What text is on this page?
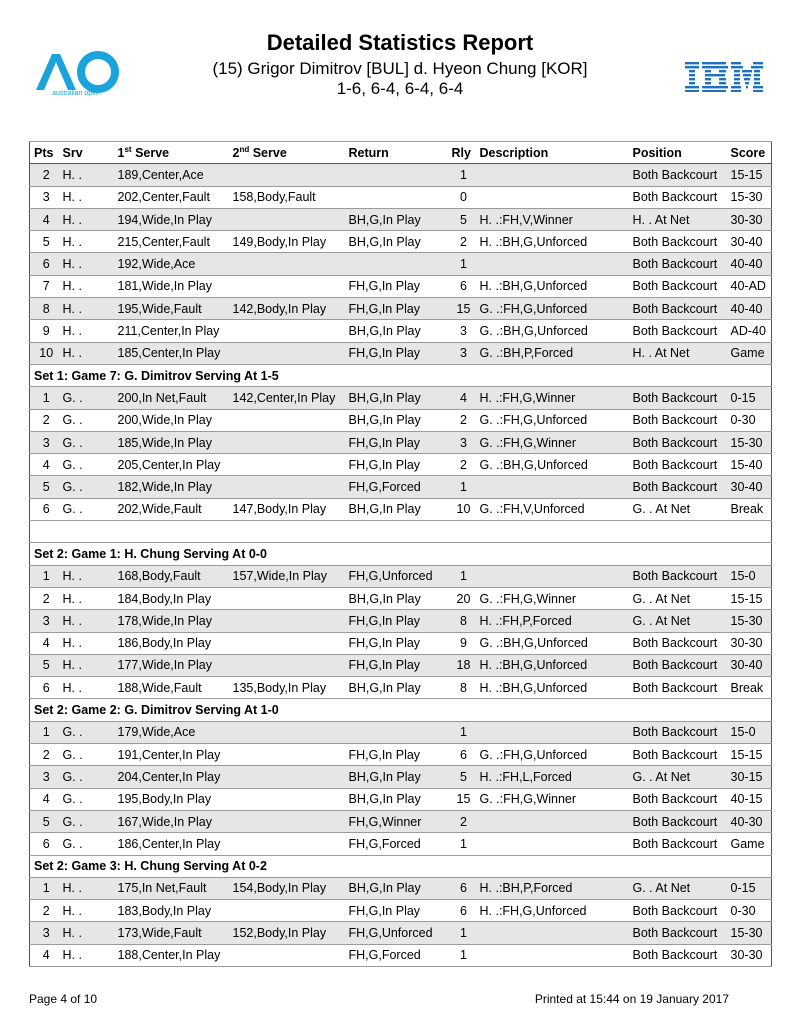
australian open
Detailed Statistics Report
(15) Grigor Dimitrov [BUL] d. Hyeon Chung [KOR]
1-6, 6-4, 6-4, 6-4
Pts	Srv	1st Serve	2nd Serve	Return	Rly	Description	Position	Score
2	H. .	189,Center,Ace			1		Both Backcourt	15-15
3	H. .	202,Center,Fault	158,Body,Fault		0		Both Backcourt	15-30
4	H. .	194,Wide,In Play		BH,G,In Play	5	H. .:FH,V,Winner	H. . At Net	30-30
5	H. .	215,Center,Fault	149,Body,In Play	BH,G,In Play	2	H. .:BH,G,Unforced	Both Backcourt	30-40
6	H. .	192,Wide,Ace			1		Both Backcourt	40-40
7	H. .	181,Wide,In Play		FH,G,In Play	6	H. .:BH,G,Unforced	Both Backcourt	40-AD
8	H. .	195,Wide,Fault	142,Body,In Play	FH,G,In Play	15	G. .:FH,G,Unforced	Both Backcourt	40-40
9	H. .	211,Center,In Play		BH,G,In Play	3	G. .:BH,G,Unforced	Both Backcourt	AD-40
10	H. .	185,Center,In Play		FH,G,In Play	3	G. .:BH,P,Forced	H. . At Net	Game
Set 1: Game 7: G. Dimitrov Serving At 1-5								
1	G. .	200,In Net,Fault	142,Center,In Play	BH,G,In Play	4	H. .:FH,G,Winner	Both Backcourt	0-15
2	G. .	200,Wide,In Play		BH,G,In Play	2	G. .:FH,G,Unforced	Both Backcourt	0-30
3	G. .	185,Wide,In Play		FH,G,In Play	3	G. .:FH,G,Winner	Both Backcourt	15-30
4	G. .	205,Center,In Play		FH,G,In Play	2	G. .:BH,G,Unforced	Both Backcourt	15-40
5	G. .	182,Wide,In Play		FH,G,Forced	1		Both Backcourt	30-40
6	G. .	202,Wide,Fault	147,Body,In Play	BH,G,In Play	10	G. .:FH,V,Unforced	G. . At Net	Break

Set 2: Game 1: H. Chung Serving At 0-0								
1	H. .	168,Body,Fault	157,Wide,In Play	FH,G,Unforced	1		Both Backcourt	15-0
2	H. .	184,Body,In Play		BH,G,In Play	20	G. .:FH,G,Winner	G. . At Net	15-15
3	H. .	178,Wide,In Play		FH,G,In Play	8	H. .:FH,P,Forced	G. . At Net	15-30
4	H. .	186,Body,In Play		FH,G,In Play	9	G. .:BH,G,Unforced	Both Backcourt	30-30
5	H. .	177,Wide,In Play		FH,G,In Play	18	H. .:BH,G,Unforced	Both Backcourt	30-40
6	H. .	188,Wide,Fault	135,Body,In Play	BH,G,In Play	8	H. .:BH,G,Unforced	Both Backcourt	Break
Set 2: Game 2: G. Dimitrov Serving At 1-0								
1	G. .	179,Wide,Ace			1		Both Backcourt	15-0
2	G. .	191,Center,In Play		FH,G,In Play	6	G. .:FH,G,Unforced	Both Backcourt	15-15
3	G. .	204,Center,In Play		BH,G,In Play	5	H. .:FH,L,Forced	G. . At Net	30-15
4	G. .	195,Body,In Play		BH,G,In Play	15	G. .:FH,G,Winner	Both Backcourt	40-15
5	G. .	167,Wide,In Play		FH,G,Winner	2		Both Backcourt	40-30
6	G. .	186,Center,In Play		FH,G,Forced	1		Both Backcourt	Game
Set 2: Game 3: H. Chung Serving At 0-2								
1	H. .	175,In Net,Fault	154,Body,In Play	BH,G,In Play	6	H. .:BH,P,Forced	G. . At Net	0-15
2	H. .	183,Body,In Play		FH,G,In Play	6	H. .:FH,G,Unforced	Both Backcourt	0-30
3	H. .	173,Wide,Fault	152,Body,In Play	FH,G,Unforced	1		Both Backcourt	15-30
4	H. .	188,Center,In Play		FH,G,Forced	1		Both Backcourt	30-30
Page 4 of 10	Printed at 15:44 on 19 January 2017
